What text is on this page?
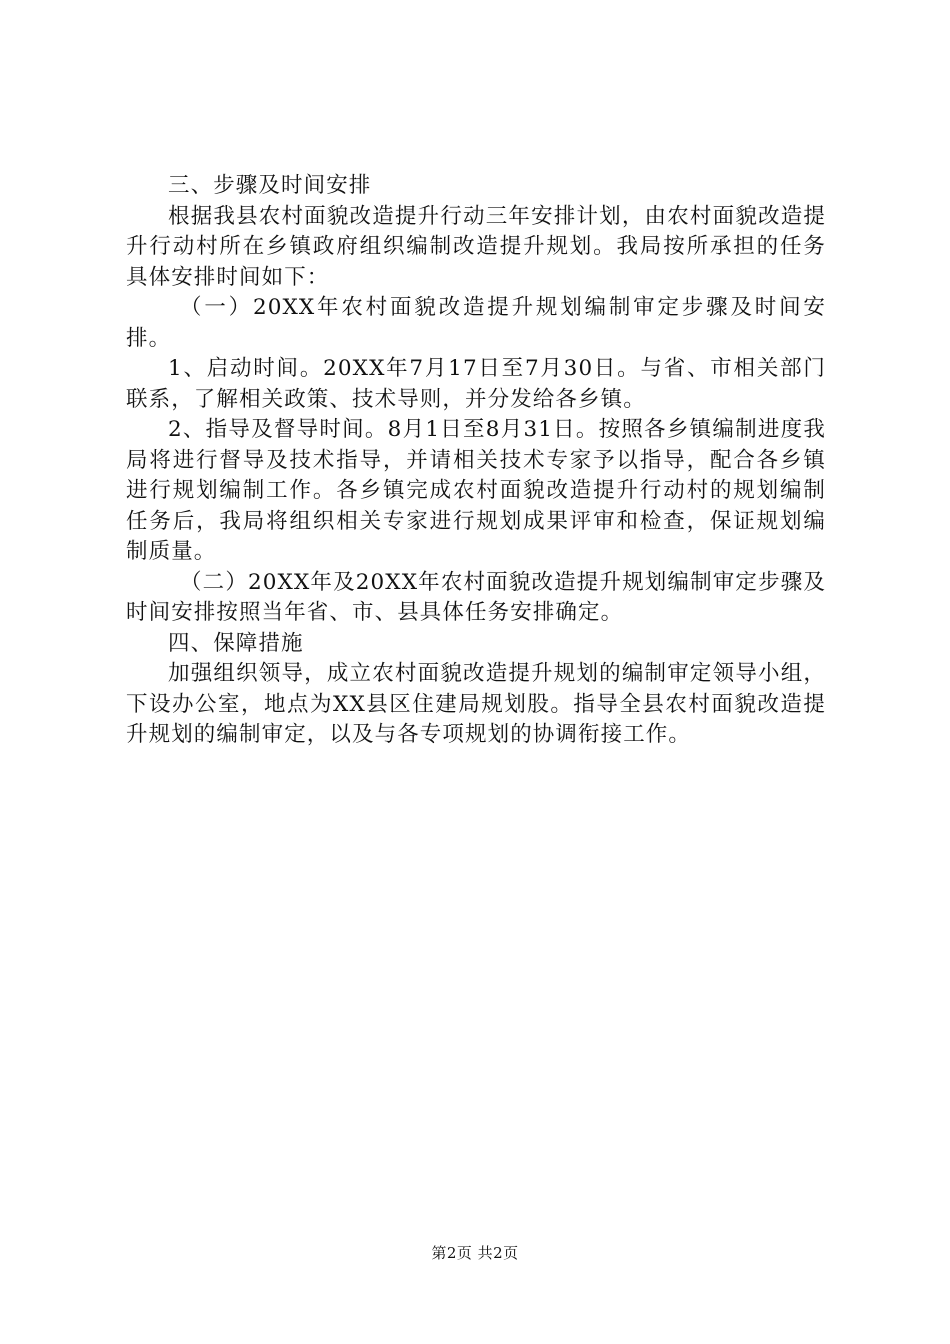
三、步骤及时间安排

根据我县农村面貌改造提升行动三年安排计划，由农村面貌改造提升行动村所在乡镇政府组织编制改造提升规划。我局按所承担的任务具体安排时间如下：

（一）20XX年农村面貌改造提升规划编制审定步骤及时间安排。

1、启动时间。20XX年7月17日至7月30日。与省、市相关部门联系，了解相关政策、技术导则，并分发给各乡镇。

2、指导及督导时间。8月1日至8月31日。按照各乡镇编制进度我局将进行督导及技术指导，并请相关技术专家予以指导，配合各乡镇进行规划编制工作。各乡镇完成农村面貌改造提升行动村的规划编制任务后，我局将组织相关专家进行规划成果评审和检查，保证规划编制质量。

（二）20XX年及20XX年农村面貌改造提升规划编制审定步骤及时间安排按照当年省、市、县具体任务安排确定。

四、保障措施

加强组织领导，成立农村面貌改造提升规划的编制审定领导小组，下设办公室，地点为XX县区住建局规划股。指导全县农村面貌改造提升规划的编制审定，以及与各专项规划的协调衔接工作。

第2页 共2页
